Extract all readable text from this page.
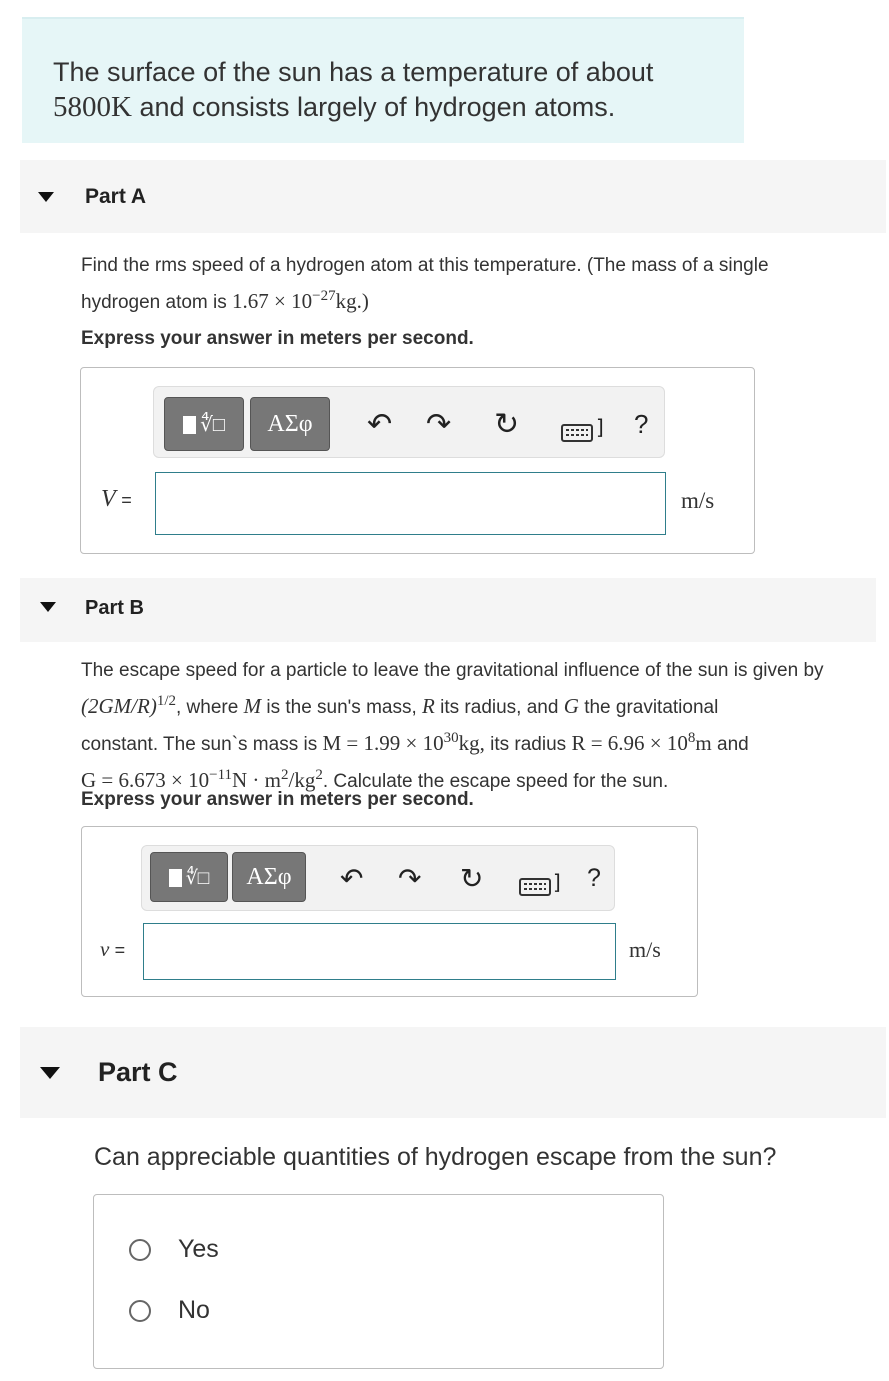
The surface of the sun has a temperature of about
5800K and consists largely of hydrogen atoms.
Part A
Find the rms speed of a hydrogen atom at this temperature. (The mass of a single
hydrogen atom is $1.67 \times 10^{-27}kg$.)
Express your answer in meters per second.
∜□	ΑΣφ	↶ ↷ ↻	] ?
V =	m/s
Part B
The escape speed for a particle to leave the gravitational influence of the sun is given by
$(2GM/R)^{1/2}$, where M is the sun's mass, R its radius, and G the gravitational
constant. The sun`s mass is $M = 1.99 \times 10^{30}kg$, its radius $R = 6.96 \times 10^8m$ and
$G = 6.673 \times 10^{-11}N \cdot m^2/kg^2$. Calculate the escape speed for the sun.
Express your answer in meters per second.
∜□	ΑΣφ	↶ ↷ ↻	] ?
v =	m/s
Part C
Can appreciable quantities of hydrogen escape from the sun?
Yes
No
